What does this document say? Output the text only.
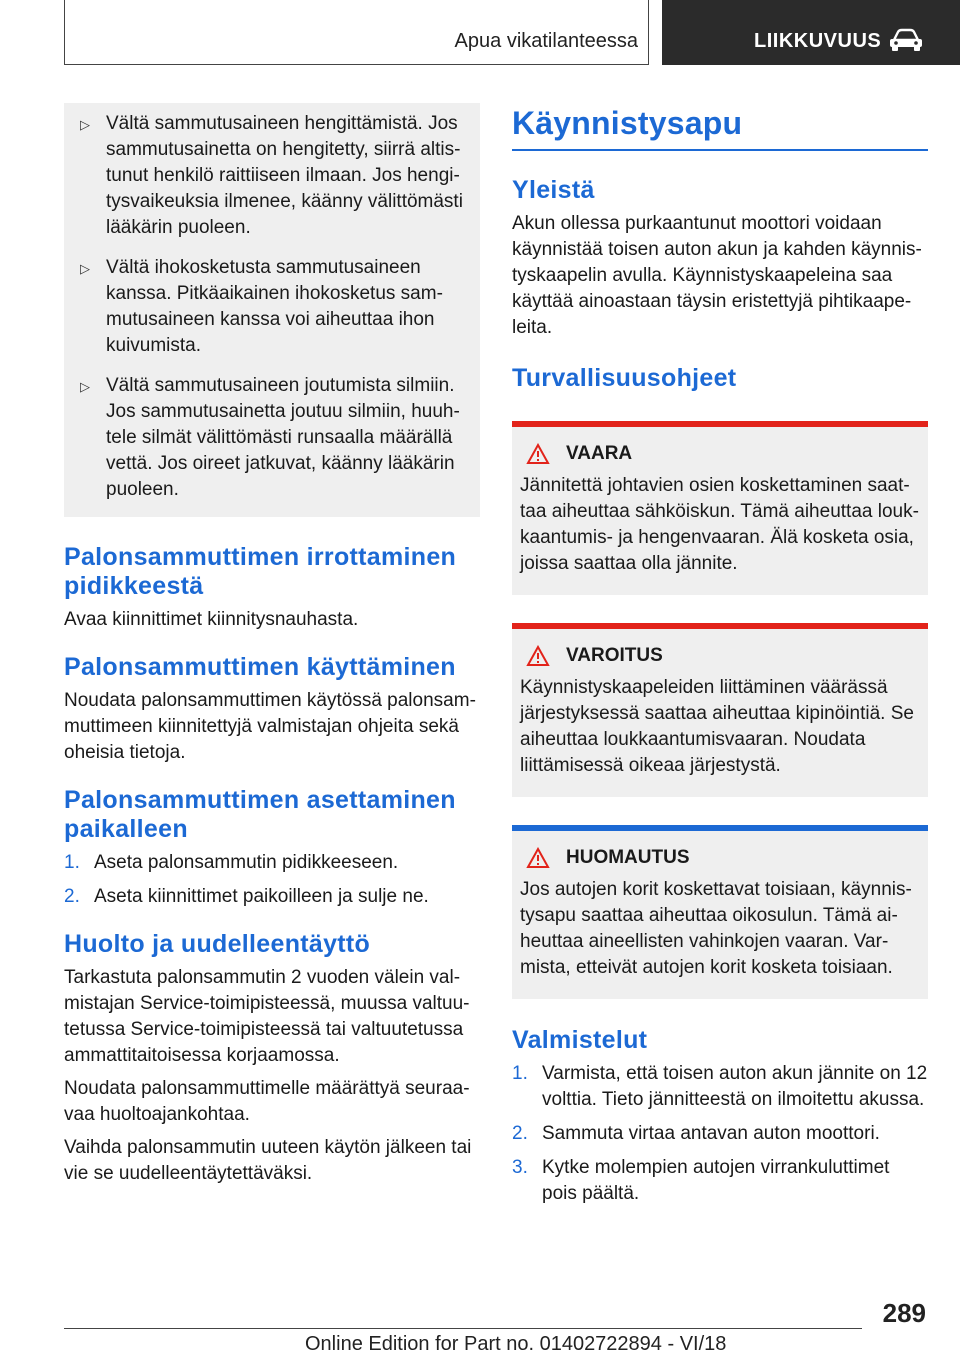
Apua vikatilanteessa	LIIKKUVUUS
▷ Vältä sammutusaineen hengittämistä. Jos sammutusainetta on hengitetty, siirrä altistunut henkilö raittiiseen ilmaan. Jos hengitysvaikeuksia ilmenee, käänny välittömästi lääkärin puoleen.
▷ Vältä ihokosketusta sammutusaineen kanssa. Pitkäaikainen ihokosketus sammutusaineen kanssa voi aiheuttaa ihon kuivumista.
▷ Vältä sammutusaineen joutumista silmiin. Jos sammutusainetta joutuu silmiin, huuhtele silmät välittömästi runsaalla määrällä vettä. Jos oireet jatkuvat, käänny lääkärin puoleen.
Palonsammuttimen irrottaminen pidikkeestä

Avaa kiinnittimet kiinnitysnauhasta.

Palonsammuttimen käyttäminen

Noudata palonsammuttimen käytössä palonsammuttimeen kiinnitettyjä valmistajan ohjeita sekä oheisia tietoja.

Palonsammuttimen asettaminen paikalleen
1. Aseta palonsammutin pidikkeeseen.
2. Aseta kiinnittimet paikoilleen ja sulje ne.
Huolto ja uudelleentäyttö

Tarkastuta palonsammutin 2 vuoden välein valmistajan Service-toimipisteessä, muussa valtuutetussa Service-toimipisteessä tai valtuutetussa ammattitaitoisessa korjaamossa.

Noudata palonsammuttimelle määrättyä seuraavaa huoltoajankohtaa.

Vaihda palonsammutin uuteen käytön jälkeen tai vie se uudelleentäytettäväksi.

Käynnistysapu
Yleistä

Akun ollessa purkaantunut moottori voidaan käynnistää toisen auton akun ja kahden käynnistyskaapelin avulla. Käynnistyskaapeleina saa käyttää ainoastaan täysin eristettyjä pihtikaapeleita.

Turvallisuusohjeet
VAARA

Jännitettä johtavien osien koskettaminen saattaa aiheuttaa sähköiskun. Tämä aiheuttaa loukkaantumis- ja hengenvaaran. Älä kosketa osia, joissa saattaa olla jännite.

VAROITUS

Käynnistyskaapeleiden liittäminen väärässä järjestyksessä saattaa aiheuttaa kipinöintiä. Se aiheuttaa loukkaantumisvaaran. Noudata liittämisessä oikeaa järjestystä.

HUOMAUTUS

Jos autojen korit koskettavat toisiaan, käynnistysapu saattaa aiheuttaa oikosulun. Tämä aiheuttaa aineellisten vahinkojen vaaran. Varmista, etteivät autojen korit kosketa toisiaan.

Valmistelut
1. Varmista, että toisen auton akun jännite on 12 volttia. Tieto jännitteestä on ilmoitettu akussa.
2. Sammuta virtaa antavan auton moottori.
3. Kytke molempien autojen virrankuluttimet pois päältä.
289
Online Edition for Part no. 01402722894 - VI/18
